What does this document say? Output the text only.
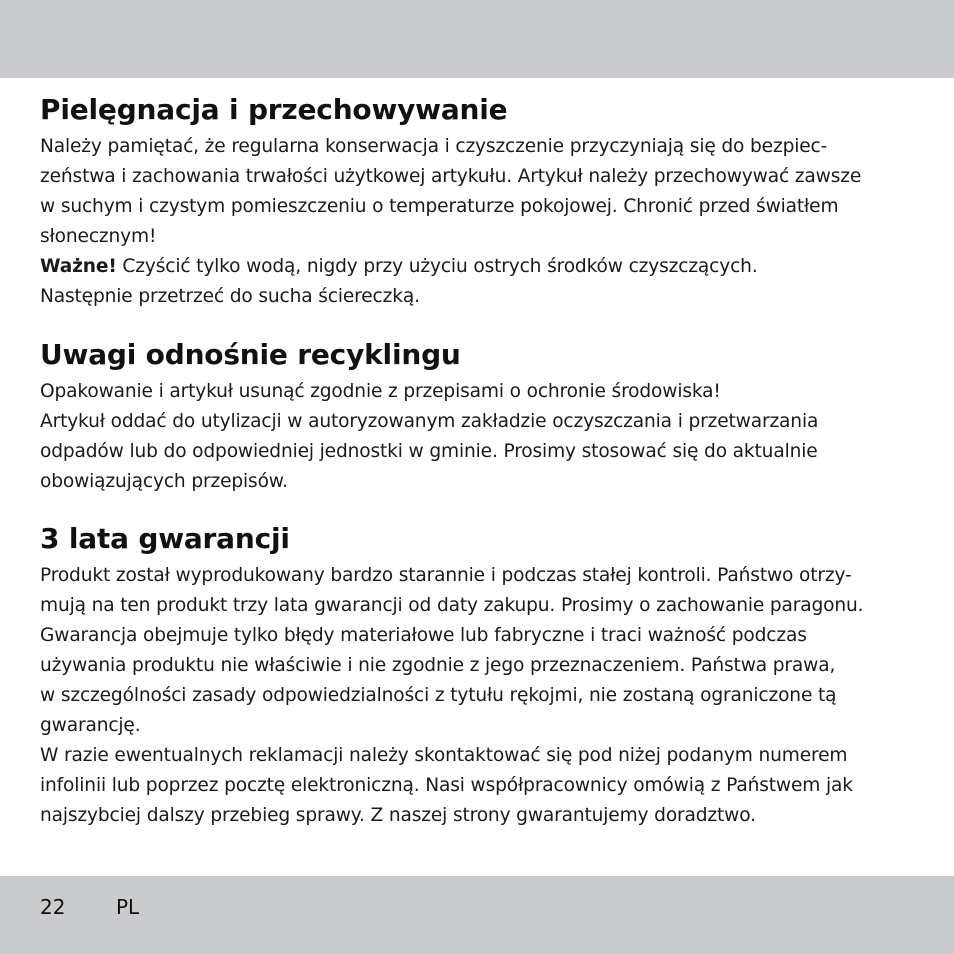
Pielęgnacja i przechowywanie

Należy pamiętać, że regularna konserwacja i czyszczenie przyczyniają się do bezpiec-
zeństwa i zachowania trwałości użytkowej artykułu. Artykuł należy przechowywać zawsze
w suchym i czystym pomieszczeniu o temperaturze pokojowej. Chronić przed światłem
słonecznym!

Ważne! Czyścić tylko wodą, nigdy przy użyciu ostrych środków czyszczących.
Następnie przetrzeć do sucha ściereczką.

Uwagi odnośnie recyklingu

Opakowanie i artykuł usunąć zgodnie z przepisami o ochronie środowiska!
Artykuł oddać do utylizacji w autoryzowanym zakładzie oczyszczania i przetwarzania
odpadów lub do odpowiedniej jednostki w gminie. Prosimy stosować się do aktualnie
obowiązujących przepisów.

3 lata gwarancji

Produkt został wyprodukowany bardzo starannie i podczas stałej kontroli. Państwo otrzy-
mują na ten produkt trzy lata gwarancji od daty zakupu. Prosimy o zachowanie paragonu.
Gwarancja obejmuje tylko błędy materiałowe lub fabryczne i traci ważność podczas
używania produktu nie właściwie i nie zgodnie z jego przeznaczeniem. Państwa prawa,
w szczególności zasady odpowiedzialności z tytułu rękojmi, nie zostaną ograniczone tą
gwarancję.
W razie ewentualnych reklamacji należy skontaktować się pod niżej podanym numerem
infolinii lub poprzez pocztę elektroniczną. Nasi współpracownicy omówią z Państwem jak
najszybciej dalszy przebieg sprawy. Z naszej strony gwarantujemy doradztwo.

22	PL
